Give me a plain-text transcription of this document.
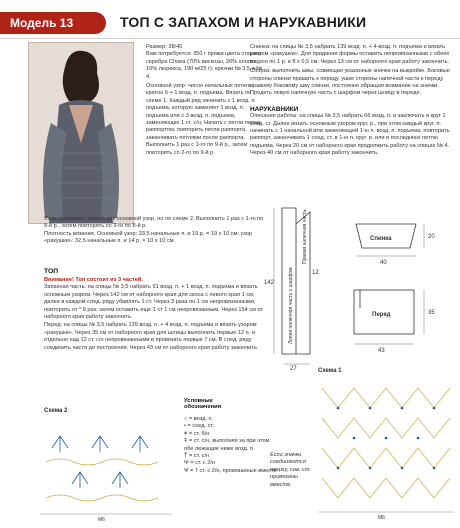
Модель 13	ТОП С ЗАПАХОМ И НАРУКАВНИКИ
Размер: 38/40
Вам потребуется: 350 г пряжи цвета старого серебра Chiara (70% вискозы, 20% хлопка, 10% люрекса, 190 м/25 г); крючки № 3,5 и № 4.
Основной узор: число начальных петель кратно 6 + 1 возд. п. подъема. Вязать по схеме 1. Каждый ряд начинать с 1 возд. п. подъема, которую заменяет 1 возд. п. подъема или с 3 возд. п. подъема, заменяющих 1 ст. с/н. Начать с петли перед раппортом, повторить петли раппорта, заканчивать петлями после раппорта. Выполнить 1 раз с 1-го по 9-й р., затем повторять со 2-го по 9-й р.
Узор «ракушки»: вязать как основной узор, но по схеме 2. Выполнить 1 раз с 1-го по 8-й р., затем повторять со 3-го по 8-й р.
Плотность вязания. Основной узор: 33,5 начальные п. и 19 р. = 19 х 10 см; узор «ракушки»: 32,5 начальные п. и 14 р. = 10 х 10 см.
ТОП
Внимание! Топ состоит из 3 частей.
Запахная часть: на спицы № 3,5 набрать 91 возд. п. + 1 возд. п. подъема и вязать основным узором. Через 142 см от наборного края для скоса с левого края 1 см, далее в каждом след. ряду убавлять 1 ст. Через 3 раза по 1 см непровязанными, повторить от * 9 раз; затем оставить еще 1 ст 1 см непровязанным. Через 154 см от наборного края работу закончить.
Перед: на спицы № 3,5 набрать 139 возд. п. + 4 возд. п. подъема и вязать узором «ракушки». Через 35 см от наборного края для шлицы выполнить первые 12 п. и отдельно над 12 ст. с/н непровязанными и провязать первые 7 см. В след. ряду соединить части до построения. Через 43 см от наборного края работу закончить.
Спинка: на спицы № 3,5 набрать 139 возд. п. + 4 возд. п. подъема и вязать узором «ракушки». Для придания формы оставить непровязанными с обеих сторон по 1 р. в 8 х 0,5 см. Через 13 см от наборного края работу закончить.
Сборка: выполнить швы, совмещая указанные значки на выкройке. Боковые стороны спинки пришить к переду, ушке стороны напечной части к переду правому боковому шву спинки, постоянно обращая внимание на значки. Продеть левую напечную часть с шарфом через шлицу в переде.
НАРУКАВНИКИ
Описание работы: на спицы № 3,5 набрать 66 возд. п. и заключать в круг 1 соед. ст. Далее вязать основным узором круг, р., при этом каждый круг. п. начинать с 1 начальной или заменяющей 1-ю п. возд. п. подъема, повторить раппорт, заканчивать 1 соед. ст. в 1-ю п. круг. р. или в последнюю петлю подъема. Через 20 см от наборного края продолжить работу на спицах № 4. Через 40 см от наборного края работу закончить.
142
12
27
40
43
20
35
Спинка
Перед
Левая напечная часть с шарфом
Правая напечная часть
Схема 1
M6
Схема 2
M6
Условные обозначения
○ = возд. п.
• = соед. ст.
ǂ = ст. б/н
Ŧ = ст. с/н, выполняя за при этом обе лежащие ниже возд. п.
Ť = ст. с/н
Ψ = ст. с 2/н
Ѱ = 7 ст. с 2/н, провязанные вместе
Если значки соединяются вверху, сов. ст. провязаны вместе.
